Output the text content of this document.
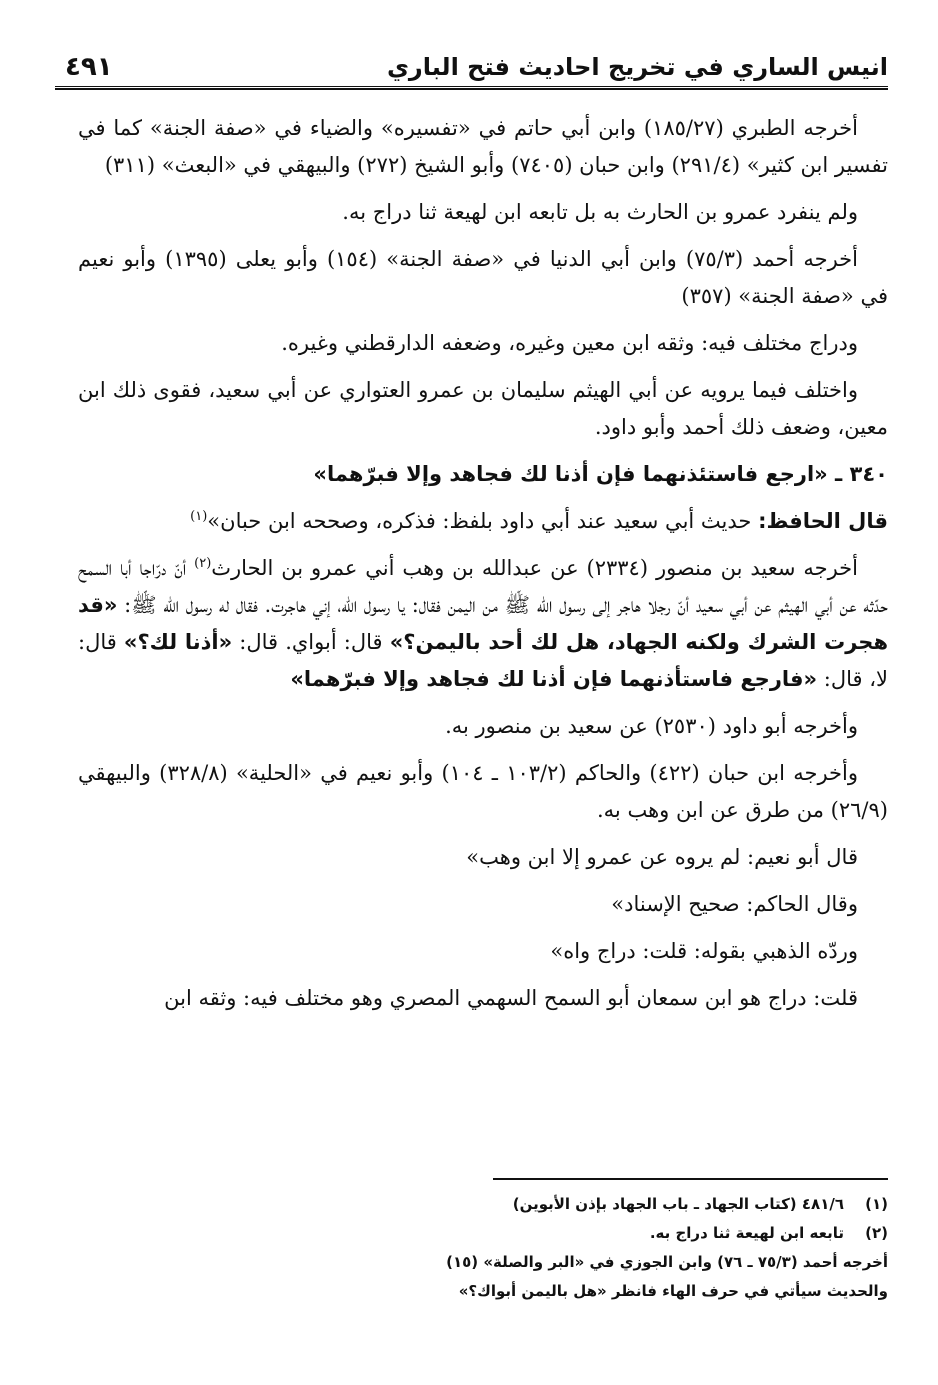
انيس الساري في تخريج احاديث فتح الباري
٤٩١

أخرجه الطبري (١٨٥/٢٧) وابن أبي حاتم في «تفسيره» والضياء في «صفة الجنة» كما في تفسير ابن كثير» (٢٩١/٤) وابن حبان (٧٤٠٥) وأبو الشيخ (٢٧٢) والبيهقي في «البعث» (٣١١)

ولم ينفرد عمرو بن الحارث به بل تابعه ابن لهيعة ثنا دراج به.

أخرجه أحمد (٧٥/٣) وابن أبي الدنيا في «صفة الجنة» (١٥٤) وأبو يعلى (١٣٩٥) وأبو نعيم في «صفة الجنة» (٣٥٧)

ودراج مختلف فيه: وثقه ابن معين وغيره، وضعفه الدارقطني وغيره.

واختلف فيما يرويه عن أبي الهيثم سليمان بن عمرو العتواري عن أبي سعيد، فقوى ذلك ابن معين، وضعف ذلك أحمد وأبو داود.

٣٤٠ ـ «ارجع فاستئذنهما فإن أذنا لك فجاهد وإلا فبرّهما»

قال الحافظ: حديث أبي سعيد عند أبي داود بلفظ: فذكره، وصححه ابن حبان»$^{(١)}$

أخرجه سعيد بن منصور (٢٣٣٤) عن عبدالله بن وهب أني عمرو بن الحارث$^{(٢)}$ أنّ درّاجا أبا السمح حدّثه عن أبي الهيثم عن أبي سعيد أنّ رجلا هاجر إلى رسول الله ﷺ من اليمن فقال: يا رسول الله، إني هاجرت. فقال له رسول الله ﷺ: «قد هجرت الشرك ولكنه الجهاد، هل لك أحد باليمن؟» قال: أبواي. قال: «أذنا لك؟» قال: لا، قال: «فارجع فاستأذنهما فإن أذنا لك فجاهد وإلا فبرّهما»

وأخرجه أبو داود (٢٥٣٠) عن سعيد بن منصور به.

وأخرجه ابن حبان (٤٢٢) والحاكم (١٠٣/٢ ـ ١٠٤) وأبو نعيم في «الحلية» (٣٢٨/٨) والبيهقي (٢٦/٩) من طرق عن ابن وهب به.

قال أبو نعيم: لم يروه عن عمرو إلا ابن وهب»

وقال الحاكم: صحيح الإسناد»

وردّه الذهبي بقوله: قلت: دراج واه»

قلت: دراج هو ابن سمعان أبو السمح السهمي المصري وهو مختلف فيه: وثقه ابن

(١)
٤٨١/٦ (كتاب الجهاد ـ باب الجهاد بإذن الأبوين)
(٢)
تابعه ابن لهيعة ثنا دراج به.
أخرجه أحمد (٧٥/٣ ـ ٧٦) وابن الجوزي في «البر والصلة» (١٥)
والحديث سيأتي في حرف الهاء فانظر «هل باليمن أبواك؟»
